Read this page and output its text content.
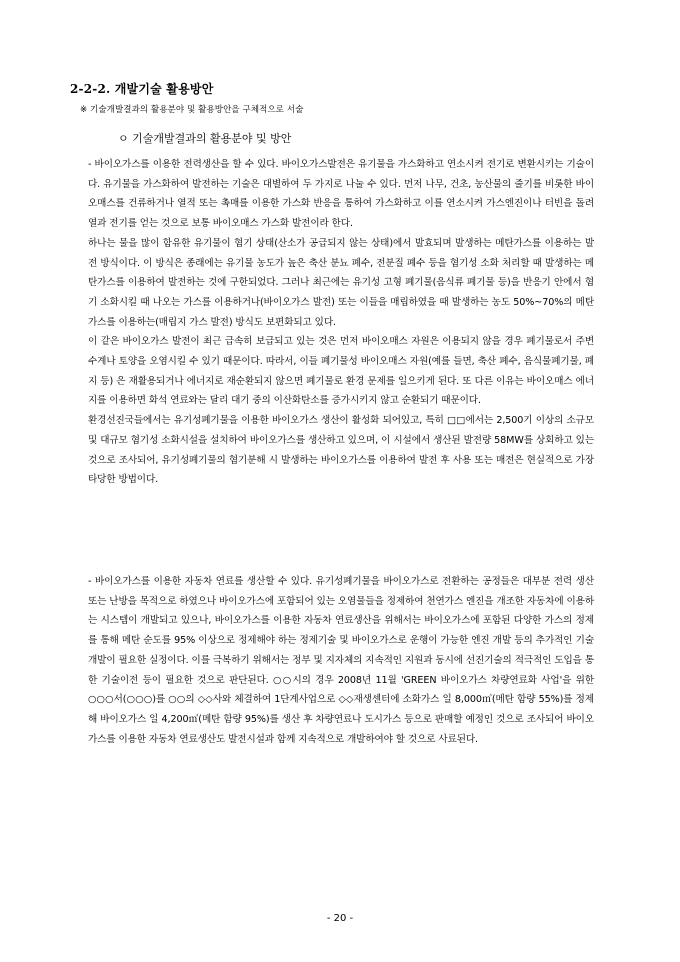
2-2-2. 개발기술 활용방안
※ 기술개발결과의 활용분야 및 활용방안을 구체적으로 서술
ㅇ 기술개발결과의 활용분야 및 방안

- 바이오가스를 이용한 전력생산을 할 수 있다. 바이오가스발전은 유기물을 가스화하고 연소시켜 전기로 변환시키는 기술이다. 유기물을 가스화하여 발전하는 기술은 대별하여 두 가지로 나눌 수 있다. 먼저 나무, 건초, 농산물의 줄기를 비롯한 바이오매스를 건류하거나 열적 또는 촉매를 이용한 가스화 반응을 통하여 가스화하고 이를 연소시켜 가스엔진이나 터빈을 돌려 열과 전기를 얻는 것으로 보통 바이오매스 가스화 발전이라 한다.

하나는 물을 많이 함유한 유기물이 혐기 상태(산소가 공급되지 않는 상태)에서 발효되며 발생하는 메탄가스를 이용하는 발전 방식이다. 이 방식은 종래에는 유기물 농도가 높은 축산 분뇨 폐수, 전분질 폐수 등을 혐기성 소화 처리할 때 발생하는 메탄가스를 이용하여 발전하는 것에 구한되었다. 그러나 최근에는 유기성 고형 폐기물(음식류 폐기물 등)을 반응기 안에서 혐기 소화시킬 때 나오는 가스를 이용하거나(바이오가스 발전) 또는 이들을 매립하였을 때 발생하는 농도 50%~70%의 메탄가스를 이용하는(매립지 가스 발전) 방식도 보편화되고 있다.

이 같은 바이오가스 발전이 최근 급속히 보급되고 있는 것은 먼저 바이오매스 자원은 이용되지 않을 경우 폐기물로서 주변 수계나 토양을 오염시킬 수 있기 때문이다. 따라서, 이들 폐기물성 바이오매스 자원(예를 들면, 축산 폐수, 음식물폐기물, 폐지 등) 은 재활용되거나 에너지로 재순환되지 않으면 폐기물로 환경 문제를 일으키게 된다. 또 다른 이유는 바이오매스 에너지를 이용하면 화석 연료와는 달리 대기 중의 이산화탄소를 증가시키지 않고 순환되기 때문이다.

환경선진국들에서는 유기성폐기물을 이용한 바이오가스 생산이 활성화 되어있고, 특히 □□에서는 2,500기 이상의 소규모 및 대규모 혐기성 소화시설을 설치하여 바이오가스를 생산하고 있으며, 이 시설에서 생산된 발전량 58MW를 상회하고 있는 것으로 조사되어, 유기성폐기물의 혐기분해 시 발생하는 바이오가스를 이용하여 발전 후 사용 또는 매전은 현실적으로 가장 타당한 방법이다.

- 바이오가스를 이용한 자동차 연료를 생산할 수 있다. 유기성폐기물을 바이오가스로 전환하는 공정들은 대부분 전력 생산 또는 난방을 목적으로 하였으나 바이오가스에 포함되어 있는 오염물들을 정제하여 천연가스 엔진을 개조한 자동차에 이용하는 시스템이 개발되고 있으나, 바이오가스를 이용한 자동차 연료생산을 위해서는 바이오가스에 포함된 다양한 가스의 정제를 통해 메탄 순도를 95% 이상으로 정제해야 하는 정제기술 및 바이오가스로 운행이 가능한 엔진 개발 등의 추가적인 기술개발이 필요한 실정이다. 이를 극복하기 위해서는 정부 및 지자체의 지속적인 지원과 동시에 선진기술의 적극적인 도입을 통한 기술이전 등이 필요한 것으로 판단된다. ○○시의 경우 2008년 11월 'GREEN 바이오가스 차량연료화 사업'을 위한 ○○○서(○○○)를 ○○의 ◇◇사와 체결하여 1단계사업으로 ◇◇재생센터에 소화가스 일 8,000㎥(메탄 함량 55%)를 정제해 바이오가스 일 4,200㎥(메탄 함량 95%)를 생산 후 차량연료나 도시가스 등으로 판매할 예정인 것으로 조사되어 바이오가스를 이용한 자동차 연료생산도 발전시설과 함께 지속적으로 개발하여야 할 것으로 사료된다.

- 20 -
